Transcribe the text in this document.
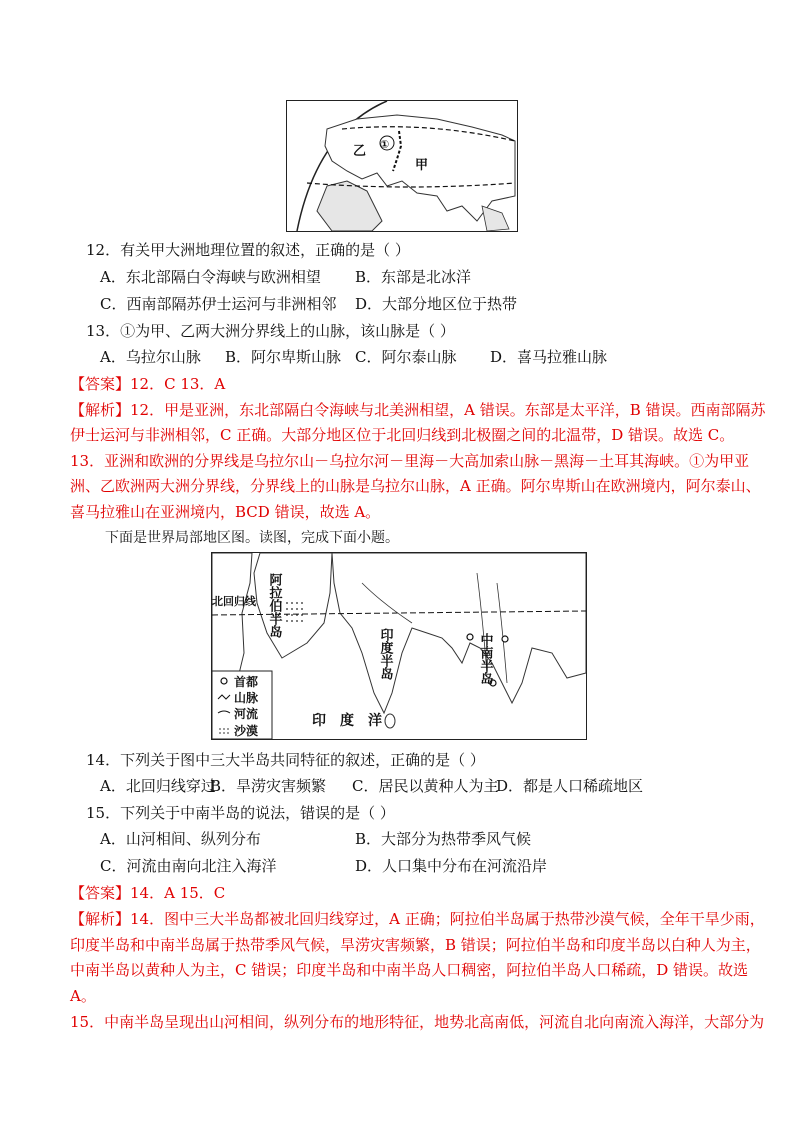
①
乙
甲
12．有关甲大洲地理位置的叙述，正确的是（ ）
A．东北部隔白令海峡与欧洲相望 B．东部是北冰洋
C．西南部隔苏伊士运河与非洲相邻 D．大部分地区位于热带
13．①为甲、乙两大洲分界线上的山脉，该山脉是（ ）
A．乌拉尔山脉 B．阿尔卑斯山脉 C．阿尔泰山脉 D．喜马拉雅山脉
【答案】12．C 13．A
【解析】12．甲是亚洲，东北部隔白令海峡与北美洲相望，A 错误。东部是太平洋，B 错误。西南部隔苏
伊士运河与非洲相邻，C 正确。大部分地区位于北回归线到北极圈之间的北温带，D 错误。故选 C。
13．亚洲和欧洲的分界线是乌拉尔山－乌拉尔河－里海－大高加索山脉－黑海－土耳其海峡。①为甲亚
洲、乙欧洲两大洲分界线，分界线上的山脉是乌拉尔山脉，A 正确。阿尔卑斯山在欧洲境内，阿尔泰山、
喜马拉雅山在亚洲境内，BCD 错误，故选 A。
下面是世界局部地区图。读图，完成下面小题。
北回归线 阿拉伯半岛
印度半岛	中南半岛
印　度　洋
首都
山脉
河流
沙漠
14．下列关于图中三大半岛共同特征的叙述，正确的是（ ）
A．北回归线穿过
B．旱涝灾害频繁 C．居民以黄种人为主
D．都是人口稀疏地区
15．下列关于中南半岛的说法，错误的是（ ）
A．山河相间、纵列分布	B．大部分为热带季风气候
C．河流由南向北注入海洋	D．人口集中分布在河流沿岸
【答案】14．A 15．C
【解析】14．图中三大半岛都被北回归线穿过，A 正确；阿拉伯半岛属于热带沙漠气候，全年干旱少雨，
印度半岛和中南半岛属于热带季风气候，旱涝灾害频繁，B 错误；阿拉伯半岛和印度半岛以白种人为主，
中南半岛以黄种人为主，C 错误；印度半岛和中南半岛人口稠密，阿拉伯半岛人口稀疏，D 错误。故选
A。
15．中南半岛呈现出山河相间，纵列分布的地形特征，地势北高南低，河流自北向南流入海洋，大部分为
